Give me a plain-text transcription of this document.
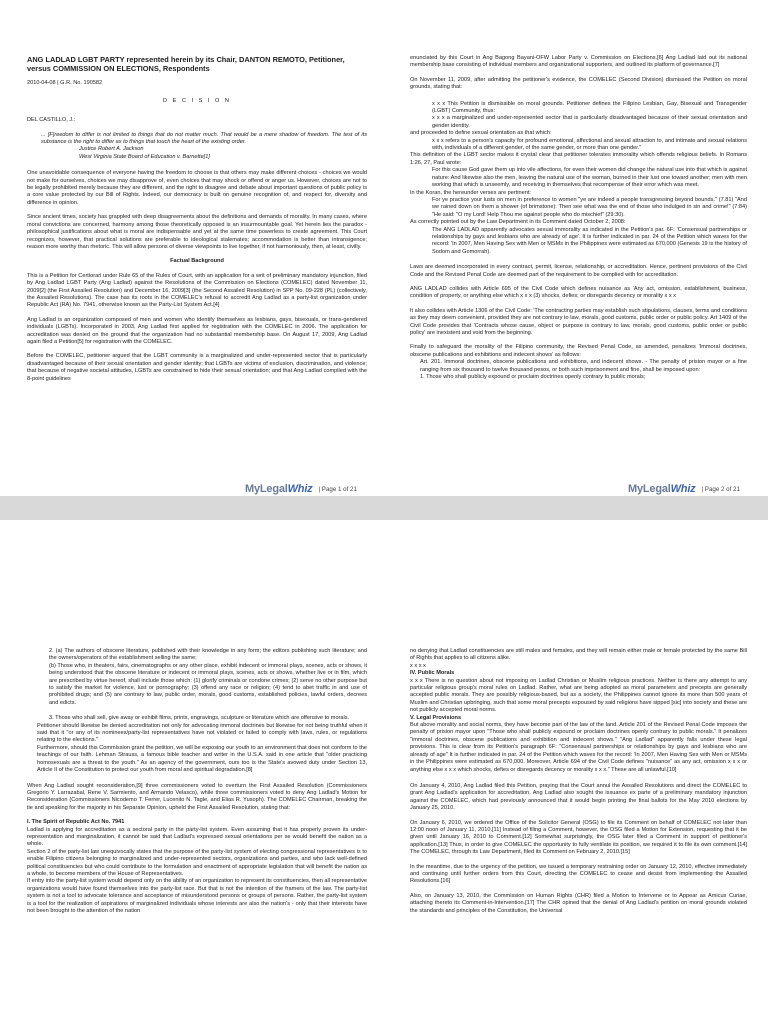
ANG LADLAD LGBT PARTY represented herein by its Chair, DANTON REMOTO, Petitioner, versus COMMISSION ON ELECTIONS, Respondents

2010-04-08 | G.R. No. 190582

D E C I S I O N

DEL CASTILLO, J.:

... [F]reedom to differ is not limited to things that do not matter much. That would be a mere shadow of freedom. The test of its substance is the right to differ as to things that touch the heart of the existing order.

Justice Robert A. Jackson

West Virginia State Board of Education v. Barnette[1]

One unavoidable consequence of everyone having the freedom to choose is that others may make different choices - choices we would not make for ourselves, choices we may disapprove of, even choices that may shock or offend or anger us. However, choices are not to be legally prohibited merely because they are different, and the right to disagree and debate about important questions of public policy is a core value protected by our Bill of Rights. Indeed, our democracy is built on genuine recognition of, and respect for, diversity and difference in opinion.

Since ancient times, society has grappled with deep disagreements about the definitions and demands of morality. In many cases, where moral convictions are concerned, harmony among those theoretically opposed is an insurmountable goal. Yet herein lies the paradox - philosophical justifications about what is moral are indispensable and yet at the same time powerless to create agreement. This Court recognizes, however, that practical solutions are preferable to ideological stalemates; accommodation is better than intransigence; reason more worthy than rhetoric. This will allow persons of diverse viewpoints to live together, if not harmoniously, then, at least, civilly.

Factual Background

This is a Petition for Certiorari under Rule 65 of the Rules of Court, with an application for a writ of preliminary mandatory injunction, filed by Ang Ladlad LGBT Party (Ang Ladlad) against the Resolutions of the Commission on Elections (COMELEC) dated November 11, 2009[2] (the First Assailed Resolution) and December 16, 2009[3] (the Second Assailed Resolution) in SPP No. 09-228 (PL) (collectively, the Assailed Resolutions). The case has its roots in the COMELEC's refusal to accredit Ang Ladlad as a party-list organization under Republic Act (RA) No. 7941, otherwise known as the Party-List System Act.[4]

Ang Ladlad is an organization composed of men and women who identify themselves as lesbians, gays, bisexuals, or trans-gendered individuals (LGBTs). Incorporated in 2003, Ang Ladlad first applied for registration with the COMELEC in 2006. The application for accreditation was denied on the ground that the organization had no substantial membership base. On August 17, 2009, Ang Ladlad again filed a Petition[5] for registration with the COMELEC.

Before the COMELEC, petitioner argued that the LGBT community is a marginalized and under-represented sector that is particularly disadvantaged because of their sexual orientation and gender identity; that LGBTs are victims of exclusion, discrimination, and violence; that because of negative societal attitudes, LGBTs are constrained to hide their sexual orientation; and that Ang Ladlad complied with the 8-point guidelines

MyLegalWhiz | Page 1 of 21

enunciated by this Court in Ang Bagong Bayani-OFW Labor Party v. Commission on Elections.[6] Ang Ladlad laid out its national membership base consisting of individual members and organizational supporters, and outlined its platform of governance.[7]

On November 11, 2009, after admitting the petitioner's evidence, the COMELEC (Second Division) dismissed the Petition on moral grounds, stating that:

x x x This Petition is dismissible on moral grounds. Petitioner defines the Filipino Lesbian, Gay, Bisexual and Transgender (LGBT) Community, thus:

x x x a marginalized and under-represented sector that is particularly disadvantaged because of their sexual orientation and gender identity.

and proceeded to define sexual orientation as that which:

x x x refers to a person's capacity for profound emotional, affectional and sexual attraction to, and intimate and sexual relations with, individuals of a different gender, of the same gender, or more than one gender."

This definition of the LGBT sector makes it crystal clear that petitioner tolerates immorality which offends religious beliefs. In Romans 1:26, 27, Paul wrote:

For this cause God gave them up into vile affections, for even their women did change the natural use into that which is against nature: And likewise also the men, leaving the natural use of the woman, burned in their lust one toward another; men with men working that which is unseemly, and receiving in themselves that recompense of their error which was meet.

In the Koran, the hereunder verses are pertinent:

For ye practice your lusts on men in preference to women "ye are indeed a people transgressing beyond bounds." (7.81) "And we rained down on them a shower (of brimstone): Then see what was the end of those who indulged in sin and crime!" (7:84) "He said: "O my Lord! Help Thou me against people who do mischief" (29:30).

As correctly pointed out by the Law Department in its Comment dated October 2, 2008:

The ANG LADLAD apparently advocates sexual immorality as indicated in the Petition's par. 6F: 'Consensual partnerships or relationships by gays and lesbians who are already of age'. It is further indicated in par. 24 of the Petition which waves for the record: 'In 2007, Men Having Sex with Men or MSMs in the Philippines were estimated as 670,000 (Genesis 19 is the history of Sodom and Gomorrah).

Laws are deemed incorporated in every contract, permit, license, relationship, or accreditation. Hence, pertinent provisions of the Civil Code and the Revised Penal Code are deemed part of the requirement to be complied with for accreditation.

ANG LADLAD collides with Article 695 of the Civil Code which defines nuisance as 'Any act, omission, establishment, business, condition of property, or anything else which x x x (3) shocks, defies; or disregards decency or morality x x x

It also collides with Article 1306 of the Civil Code: 'The contracting parties may establish such stipulations, clauses, terms and conditions as they may deem convenient, provided they are not contrary to law, morals, good customs, public order or public policy. Art 1409 of the Civil Code provides that 'Contracts whose cause, object or purpose is contrary to law, morals, good customs, public order or public policy' are inexistent and void from the beginning.

Finally to safeguard the morality of the Filipino community, the Revised Penal Code, as amended, penalizes 'Immoral doctrines, obscene publications and exhibitions and indecent shows' as follows:

Art. 201. Immoral doctrines, obscene publications and exhibitions, and indecent shows. - The penalty of prision mayor or a fine ranging from six thousand to twelve thousand pesos, or both such imprisonment and fine, shall be imposed upon:

1. Those who shall publicly expound or proclaim doctrines openly contrary to public morals;

MyLegalWhiz | Page 2 of 21

2. (a) The authors of obscene literature, published with their knowledge in any form; the editors publishing such literature; and the owners/operators of the establishment selling the same;

(b) Those who, in theaters, fairs, cinematographs or any other place, exhibit indecent or immoral plays, scenes, acts or shows, it being understood that the obscene literature or indecent or immoral plays, scenes, acts or shows, whether live or in film, which are prescribed by virtue hereof, shall include those which: (1) glorify criminals or condone crimes; (2) serve no other purpose but to satisfy the market for violence, lust or pornography; (3) offend any race or religion; (4) tend to abet traffic in and use of prohibited drugs; and (5) are contrary to law, public order, morals, good customs, established policies, lawful orders, decrees and edicts.

3. Those who shall sell, give away or exhibit films, prints, engravings, sculpture or literature which are offensive to morals.

Petitioner should likewise be denied accreditation not only for advocating immoral doctrines but likewise for not being truthful when it said that it "or any of its nominees/party-list representatives have not violated or failed to comply with laws, rules, or regulations relating to the elections."

Furthermore, should this Commission grant the petition, we will be exposing our youth to an environment that does not conform to the teachings of our faith. Lehman Strauss, a famous bible teacher and writer in the U.S.A. said in one article that "older practicing homosexuals are a threat to the youth." As an agency of the government, ours too is the State's avowed duty under Section 13, Article II of the Constitution to protect our youth from moral and spiritual degradation.[8]

When Ang Ladlad sought reconsideration,[9] three commissioners voted to overturn the First Assailed Resolution (Commissioners Gregorio Y. Larrazabal, Rene V. Sarmiento, and Armando Velasco), while three commissioners voted to deny Ang Ladlad's Motion for Reconsideration (Commissioners Nicodemo T. Ferrer, Lucenito N. Tagle, and Elias R. Yusoph). The COMELEC Chairman, breaking the tie and speaking for the majority in his Separate Opinion, upheld the First Assailed Resolution, stating that:

I. The Spirit of Republic Act No. 7941

Ladlad is applying for accreditation as a sectoral party in the party-list system. Even assuming that it has properly proven its under-representation and marginalization, it cannot be said that Ladlad's expressed sexual orientations per se would benefit the nation as a whole.

Section 2 of the party-list law unequivocally states that the purpose of the party-list system of electing congressional representatives is to enable Filipino citizens belonging to marginalized and under-represented sectors, organizations and parties, and who lack well-defined political constituencies but who could contribute to the formulation and enactment of appropriate legislation that will benefit the nation as a whole, to become members of the House of Representatives.

If entry into the party-list system would depend only on the ability of an organization to represent its constituencies, then all representative organizations would have found themselves into the party-list race. But that is not the intention of the framers of the law. The party-list system is not a tool to advocate tolerance and acceptance of misunderstood persons or groups of persons. Rather, the party-list system is a tool for the realization of aspirations of marginalized individuals whose interests are also the nation's - only that their interests have not been brought to the attention of the nation

no denying that Ladlad constituencies are still males and females, and they will remain either male or female protected by the same Bill of Rights that applies to all citizens alike.

x x x x

IV. Public Morals

x x x There is no question about not imposing on Ladlad Christian or Muslim religious practices. Neither is there any attempt to any particular religious group's moral rules on Ladlad. Rather, what are being adopted as moral parameters and precepts are generally accepted public morals. They are possibly religious-based, but as a society, the Philippines cannot ignore its more than 500 years of Muslim and Christian upbringing, such that some moral precepts espoused by said religions have sipped [sic] into society and these are not publicly accepted moral norms.

V. Legal Provisions

But above morality and social norms, they have become part of the law of the land. Article 201 of the Revised Penal Code imposes the penalty of prision mayor upon "Those who shall publicly expound or proclaim doctrines openly contrary to public morals." It penalizes "immoral doctrines, obscene publications and exhibition and indecent shows." "Ang Ladlad" apparently falls under these legal provisions. This is clear from its Petition's paragraph 6F: "Consensual partnerships or relationships by gays and lesbians who are already of age" It is further indicated in par. 24 of the Petition which waves for the record: 'In 2007, Men Having Sex with Men or MSMs in the Philippines were estimated as 670,000. Moreover, Article 694 of the Civil Code defines "nuisance" as any act, omission x x x or anything else x x x which shocks, defies or disregards decency or morality x x x." These are all unlawful.[10]

On January 4, 2010, Ang Ladlad filed this Petition, praying that the Court annul the Assailed Resolutions and direct the COMELEC to grant Ang Ladlad's application for accreditation. Ang Ladlad also sought the issuance ex parte of a preliminary mandatory injunction against the COMELEC, which had previously announced that it would begin printing the final ballots for the May 2010 elections by January 25, 2010.

On January 6, 2010, we ordered the Office of the Solicitor General (OSG) to file its Comment on behalf of COMELEC not later than 12:00 noon of January 11, 2010.[11] Instead of filing a Comment, however, the OSG filed a Motion for Extension, requesting that it be given until January 16, 2010 to Comment.[12] Somewhat surprisingly, the OSG later filed a Comment in support of petitioner's application.[13] Thus, in order to give COMELEC the opportunity to fully ventilate its position, we required it to file its own comment.[14] The COMELEC, through its Law Department, filed its Comment on February 2, 2010.[15]

In the meantime, due to the urgency of the petition, we issued a temporary restraining order on January 12, 2010, effective immediately and continuing until further orders from this Court, directing the COMELEC to cease and desist from implementing the Assailed Resolutions.[16]

Also, on January 13, 2010, the Commission on Human Rights (CHR) filed a Motion to Intervene or to Appear as Amicus Curiae, attaching thereto its Comment-in-Intervention.[17] The CHR opined that the denial of Ang Ladlad's petition on moral grounds violated the standards and principles of the Constitution, the Universal
